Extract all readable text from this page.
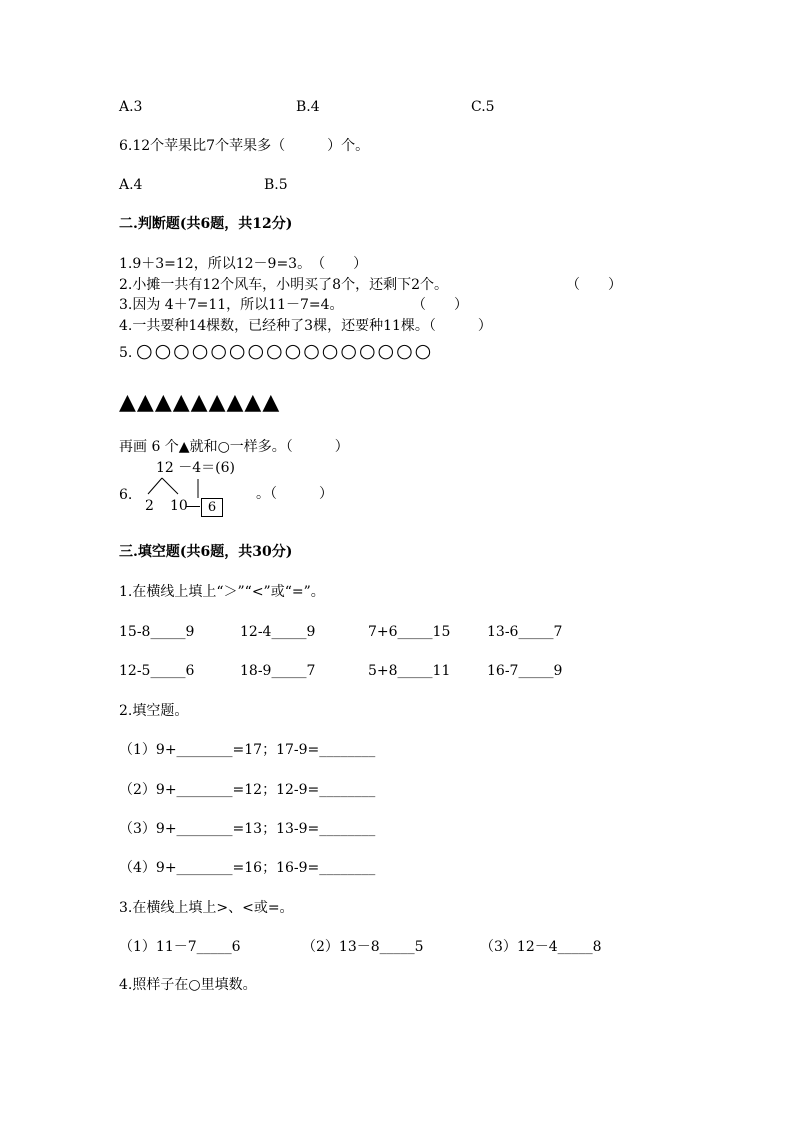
A.3	B.4	C.5
6.12个苹果比7个苹果多（　　　）个。
A.4	B.5
二.判断题(共6题，共12分)
1.9＋3=12，所以12－9=3。　（　　）
2.小摊一共有12个风车，小明买了8个，还剩下2个。	（　　）
3.因为 4＋7=11，所以11－7=4。	（　　）
4.一共要种14棵数，已经种了3棵，还要种11棵。（　　　）
5. ○○○○○○○○○○○○○○○○
▲▲▲▲▲▲▲▲▲
再画 6 个▲就和○一样多。（　　　）
12 －4＝(6)
6.
2 10	6
。（　　　）
三.填空题(共6题，共30分)
1.在横线上填上“＞”“<”或“=”。
15-8_____9	12-4_____9	7+6_____15	13-6_____7
12-5_____6	18-9_____7	5+8_____11	16-7_____9
2.填空题。
（1）9+________=17；17-9=________
（2）9+________=12；12-9=________
（3）9+________=13；13-9=________
（4）9+________=16；16-9=________
3.在横线上填上>、<或=。
（1）11－7_____6	（2）13－8_____5	（3）12－4_____8
4.照样子在○里填数。
